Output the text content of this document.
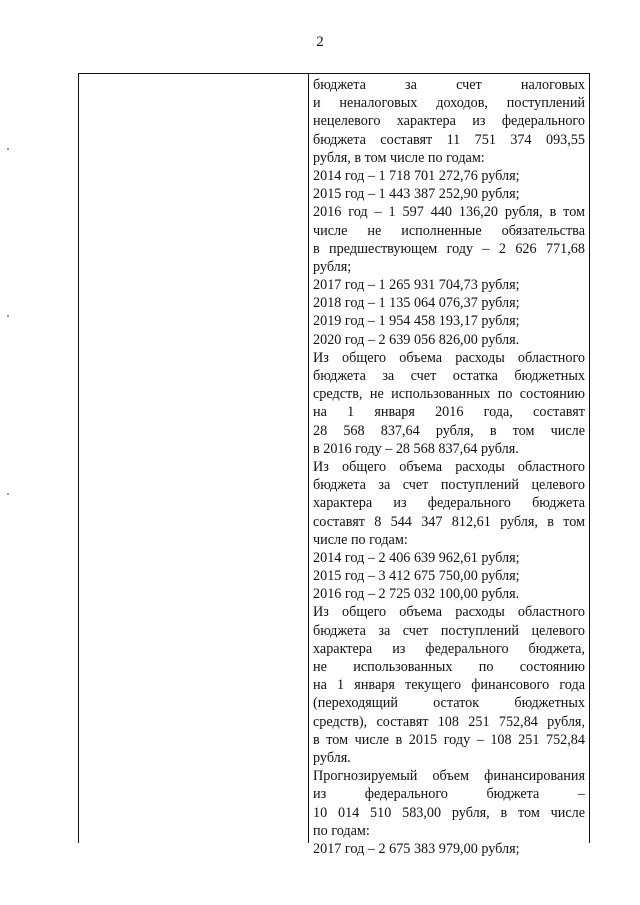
2
бюджета за счет налоговых
и неналоговых доходов, поступлений
нецелевого характера из федерального
бюджета составят 11 751 374 093,55
рубля, в том числе по годам:
2014 год – 1 718 701 272,76 рубля;
2015 год – 1 443 387 252,90 рубля;
2016 год – 1 597 440 136,20 рубля, в том
числе не исполненные обязательства
в предшествующем году – 2 626 771,68
рубля;
2017 год – 1 265 931 704,73 рубля;
2018 год – 1 135 064 076,37 рубля;
2019 год – 1 954 458 193,17 рубля;
2020 год – 2 639 056 826,00 рубля.
Из общего объема расходы областного
бюджета за счет остатка бюджетных
средств, не использованных по состоянию
на 1 января 2016 года, составят
28 568 837,64 рубля, в том числе
в 2016 году – 28 568 837,64 рубля.
Из общего объема расходы областного
бюджета за счет поступлений целевого
характера из федерального бюджета
составят 8 544 347 812,61 рубля, в том
числе по годам:
2014 год – 2 406 639 962,61 рубля;
2015 год – 3 412 675 750,00 рубля;
2016 год – 2 725 032 100,00 рубля.
Из общего объема расходы областного
бюджета за счет поступлений целевого
характера из федерального бюджета,
не использованных по состоянию
на 1 января текущего финансового года
(переходящий остаток бюджетных
средств), составят 108 251 752,84 рубля,
в том числе в 2015 году – 108 251 752,84
рубля.
Прогнозируемый объем финансирования
из федерального бюджета –
10 014 510 583,00 рубля, в том числе
по годам:
2017 год – 2 675 383 979,00 рубля;
